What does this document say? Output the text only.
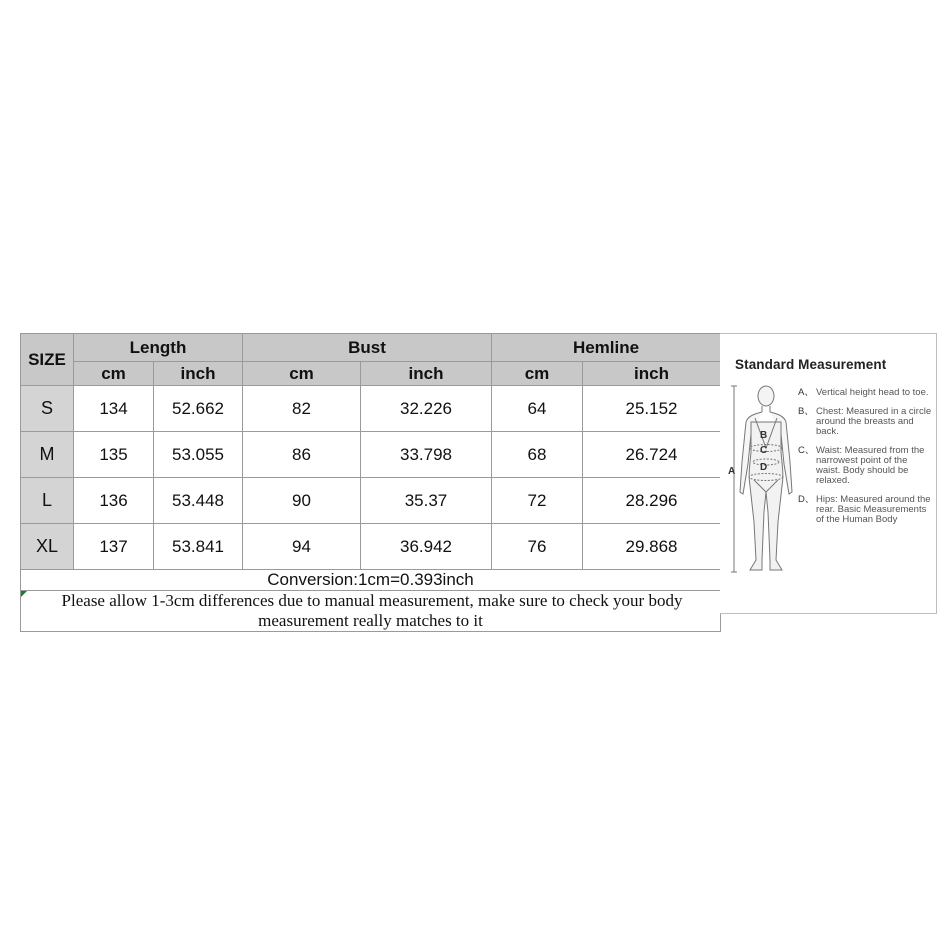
SIZE	Length		Bust		Hemline	
	cm	inch	cm	inch	cm	inch
S	134	52.662	82	32.226	64	25.152
M	135	53.055	86	33.798	68	26.724
L	136	53.448	90	35.37	72	28.296
XL	137	53.841	94	36.942	76	29.868
Conversion:1cm=0.393inch						

Please allow 1-3cm differences due to manual measurement, make sure to check your body measurement really matches to it						
Standard Measurement
B
C
D
A
A、 Vertical height head to toe.
B、 Chest: Measured in a circle around the breasts and back.
C、 Waist: Measured from the narrowest point of the waist. Body should be relaxed.
D、 Hips: Measured around the rear. Basic Measurements of the Human Body
